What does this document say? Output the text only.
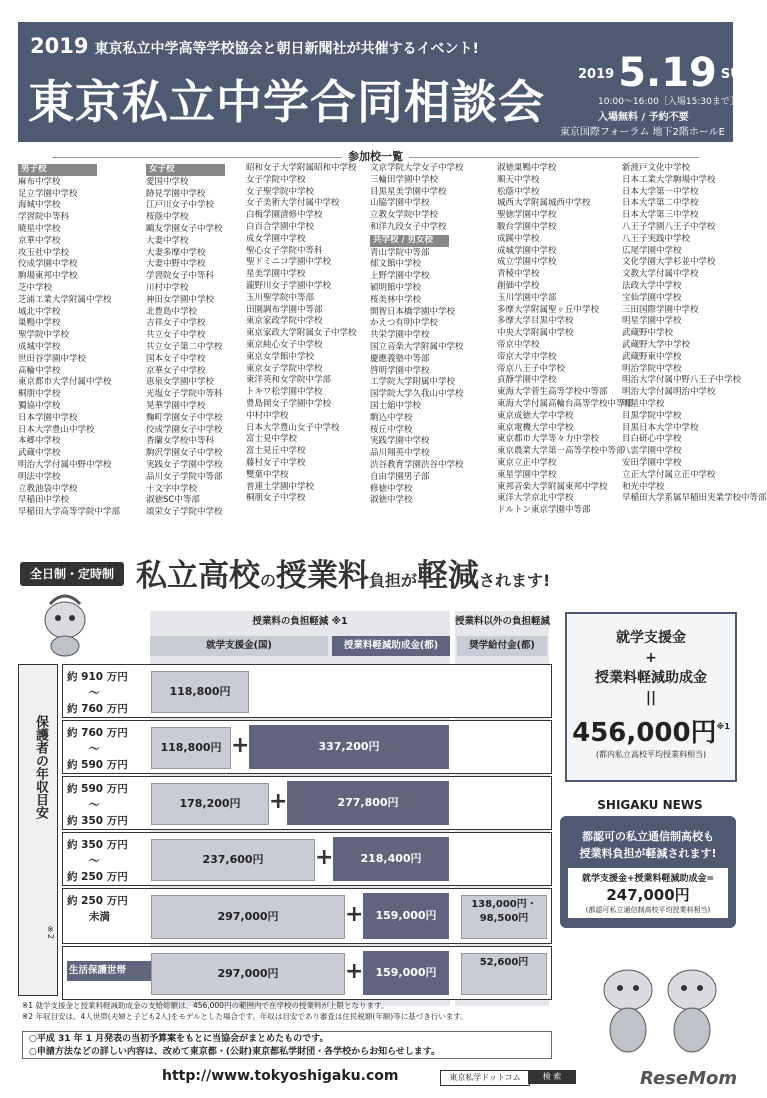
2019 東京私立中学高等学校協会と朝日新聞社が共催するイベント!
東京私立中学合同相談会
$^{2019}$ 5.19 $^{SUN.}$
10:00～16:00［入場15:30まで］
入場無料 / 予約不要
東京国際フォーラム 地下2階ホールE
参加校一覧
男子校
麻布中学校
足立学園中学校
海城中学校
学習院中等科
暁星中学校
京華中学校
攻玉社中学校
佼成学園中学校
駒場東邦中学校
芝中学校
芝浦工業大学附属中学校
城北中学校
巣鴨中学校
聖学院中学校
成城中学校
世田谷学園中学校
高輪中学校
東京都市大学付属中学校
桐朋中学校
獨協中学校
日本学園中学校
日本大学豊山中学校
本郷中学校
武蔵中学校
明治大学付属中野中学校
明法中学校
立教池袋中学校
早稲田中学校
早稲田大学高等学院中学部
女子校
愛国中学校
跡見学園中学校
江戸川女子中学校
桜蔭中学校
鷗友学園女子中学校
大妻中学校
大妻多摩中学校
大妻中野中学校
学習院女子中等科
川村中学校
神田女学園中学校
北豊島中学校
吉祥女子中学校
共立女子中学校
共立女子第二中学校
国本女子中学校
京華女子中学校
恵泉女学園中学校
光塩女子学院中等科
晃華学園中学校
麴町学園女子中学校
佼成学園女子中学校
香蘭女学校中等科
駒沢学園女子中学校
実践女子学園中学校
品川女子学院中等部
十文字中学校
淑徳SC中等部
頌栄女子学院中学校
昭和女子大学附属昭和中学校
女子学院中学校
女子聖学院中学校
女子美術大学付属中学校
白梅学園清修中学校
白百合学園中学校
成女学園中学校
聖心女子学院中等科
聖ドミニコ学園中学校
星美学園中学校
瀧野川女子学園中学校
玉川聖学院中等部
田園調布学園中等部
東京家政学院中学校
東京家政大学附属女子中学校
東京純心女子中学校
東京女学館中学校
東京女子学院中学校
東洋英和女学院中学部
トキワ松学園中学校
豊島岡女子学園中学校
中村中学校
日本大学豊山女子中学校
富士見中学校
富士見丘中学校
藤村女子中学校
雙葉中学校
普連土学園中学校
桐朋女子中学校
文京学院大学女子中学校
三輪田学園中学校
目黒星美学園中学校
山脇学園中学校
立教女学院中学校
和洋九段女子中学校
共学校 / 男女校
青山学院中等部
郁文館中学校
上野学園中学校
穎明館中学校
桜美林中学校
開智日本橋学園中学校
かえつ有明中学校
共栄学園中学校
国立音楽大学附属中学校
慶應義塾中等部
啓明学園中学校
工学院大学附属中学校
国学院大学久我山中学校
国士舘中学校
駒込中学校
桜丘中学校
実践学園中学校
品川翔英中学校
渋谷教育学園渋谷中学校
自由学園男子部
修徳中学校
淑徳中学校
淑徳巣鴨中学校
順天中学校
松蔭中学校
城西大学附属城西中学校
聖徳学園中学校
駿台学園中学校
成蹊中学校
成城学園中学校
成立学園中学校
青稜中学校
創価中学校
玉川学園中学部
多摩大学附属聖ヶ丘中学校
多摩大学目黒中学校
中央大学附属中学校
帝京中学校
帝京大学中学校
帝京八王子中学校
貞静学園中学校
東海大学菅生高等学校中等部
東海大学付属高輪台高等学校中等部
東京成徳大学中学校
東京電機大学中学校
東京都市大学等々力中学校
東京農業大学第一高等学校中等部
東京立正中学校
東星学園中学校
東邦音楽大学附属東邦中学校
東洋大学京北中学校
ドルトン東京学園中等部
新渡戸文化中学校
日本工業大学駒場中学校
日本大学第一中学校
日本大学第二中学校
日本大学第三中学校
八王子学園八王子中学校
八王子実践中学校
広尾学園中学校
文化学園大学杉並中学校
文教大学付属中学校
法政大学中学校
宝仙学園中学校
三田国際学園中学校
明星学園中学校
武蔵野中学校
武蔵野大学中学校
武蔵野東中学校
明治学院中学校
明治大学付属中野八王子中学校
明治大学付属明治中学校
明星中学校
目黒学院中学校
目黒日本大学中学校
目白研心中学校
八雲学園中学校
安田学園中学校
立正大学付属立正中学校
和光中学校
早稲田大学系属早稲田実業学校中等部
全日制・定時制 私立高校の授業料負担が軽減されます!
授業料の負担軽減 ※1	授業料以外の負担軽減
就学支援金(国)	授業料軽減助成金(都)	奨学給付金(都)
保護者の年収目安
※2
約 910 万円
〜
約 760 万円
118,800円
約 760 万円
〜
約 590 万円
118,800円 +	337,200円
約 590 万円
〜
約 350 万円
178,200円	+	277,800円
約 350 万円
〜
約 250 万円
237,600円	+	218,400円
約 250 万円
未満	297,000円	+	159,000円
138,000円・98,500円
生活保護世帯	297,000円	+	159,000円
52,600円
就学支援金
+
授業料軽減助成金
||
456,000円$^{※1}$
(都内私立高校平均授業料相当)
SHIGAKU NEWS
都認可の私立通信制高校も
授業料負担が軽減されます!
就学支援金+授業料軽減助成金=
247,000円
(都認可私立通信制高校平均授業料相当)
※1 就学支援金と授業料軽減助成金の支給総額は、456,000円の範囲内で在学校の授業料が上限となります。
※2 年収目安は、4人世帯(夫婦と子ども2人)をモデルとした場合です。年収は目安であり審査は住民税額(年額)等に基づき行います。
○平成 31 年 1 月発表の当初予算案をもとに当協会がまとめたものです。
○申請方法などの詳しい内容は、改めて東京都・(公財)東京都私学財団・各学校からお知らせします。
http://www.tokyoshigaku.com	東京私学ドットコム	検 索	ReseMom
